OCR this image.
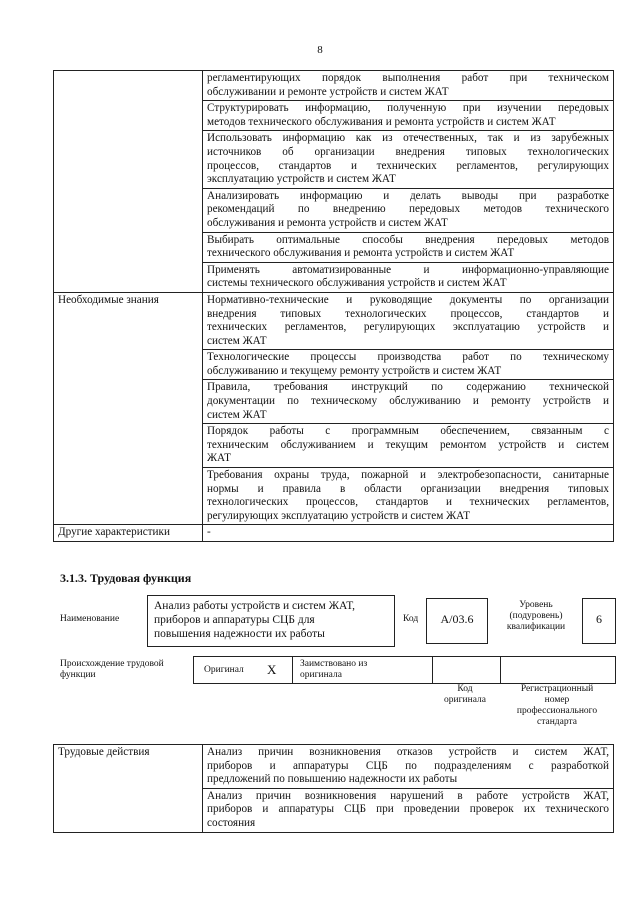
8

	регламентирующих порядок выполнения работ при техническом
обслуживании и ремонте устройств и систем ЖАТ

	Структурировать информацию, полученную при изучении передовых
методов технического обслуживания и ремонта устройств и систем ЖАТ

	Использовать информацию как из отечественных, так и из зарубежных
источников об организации внедрения типовых технологических
процессов, стандартов и технических регламентов, регулирующих
эксплуатацию устройств и систем ЖАТ

	Анализировать информацию и делать выводы при разработке
рекомендаций по внедрению передовых методов технического
обслуживания и ремонта устройств и систем ЖАТ

	Выбирать оптимальные способы внедрения передовых методов
технического обслуживания и ремонта устройств и систем ЖАТ

	Применять автоматизированные и информационно-управляющие
системы технического обслуживания устройств и систем ЖАТ

Необходимые знания	Нормативно-технические и руководящие документы по организации
внедрения типовых технологических процессов, стандартов и
технических регламентов, регулирующих эксплуатацию устройств и
систем ЖАТ

	Технологические процессы производства работ по техническому
обслуживанию и текущему ремонту устройств и систем ЖАТ

	Правила, требования инструкций по содержанию технической
документации по техническому обслуживанию и ремонту устройств и
систем ЖАТ

	Порядок работы с программным обеспечением, связанным с
техническим обслуживанием и текущим ремонтом устройств и систем
ЖАТ

	Требования охраны труда, пожарной и электробезопасности, санитарные
нормы и правила в области организации внедрения типовых
технологических процессов, стандартов и технических регламентов,
регулирующих эксплуатацию устройств и систем ЖАТ

Другие характеристики	-
3.1.3. Трудовая функция
Наименование
Анализ работы устройств и систем ЖАТ,
приборов и аппаратуры СЦБ для
повышения надежности их работы
Код	A/03.6
Уровень
(подуровень)
квалификации
6
Происхождение трудовой
функции	Оригинал X Заимствовано из
оригинала
Код
оригинала
Регистрационный
номер
профессионального
стандарта
Трудовые действия	Анализ причин возникновения отказов устройств и систем ЖАТ,
приборов и аппаратуры СЦБ по подразделениям с разработкой
предложений по повышению надежности их работы

Анализ причин возникновения нарушений в работе устройств ЖАТ,
приборов и аппаратуры СЦБ при проведении проверок их технического
состояния
